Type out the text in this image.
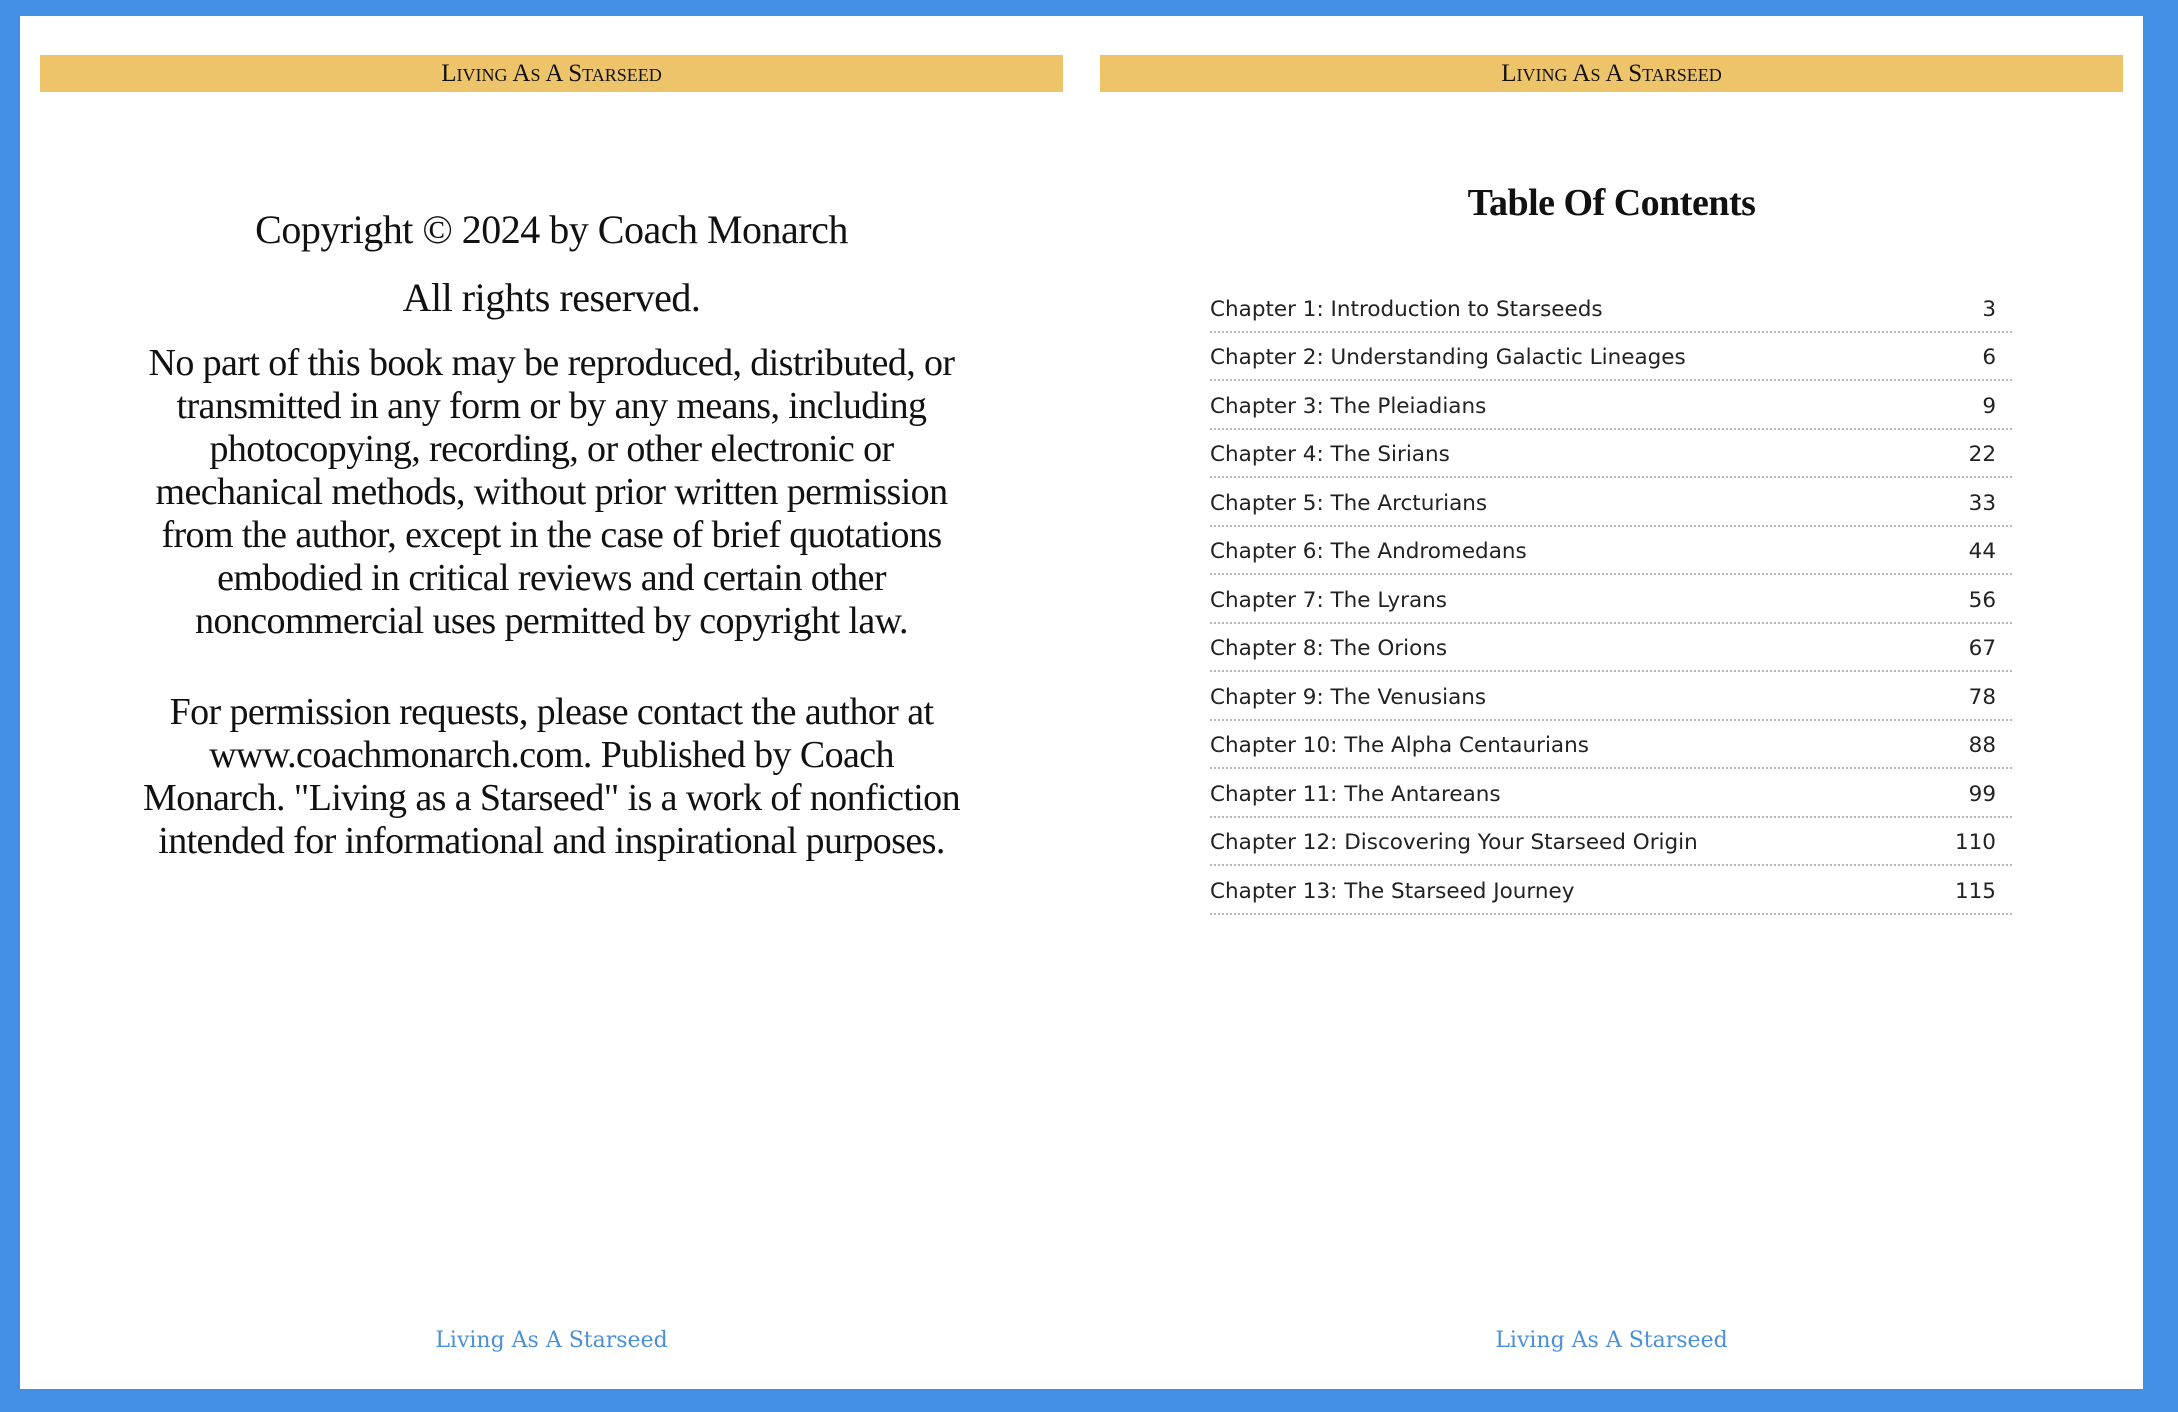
Living As A Starseed

Copyright © 2024 by Coach Monarch

All rights reserved.

No part of this book may be reproduced, distributed, or transmitted in any form or by any means, including photocopying, recording, or other electronic or mechanical methods, without prior written permission from the author, except in the case of brief quotations embodied in critical reviews and certain other noncommercial uses permitted by copyright law.

For permission requests, please contact the author at www.coachmonarch.com. Published by Coach Monarch. "Living as a Starseed" is a work of nonfiction intended for informational and inspirational purposes.

Living As A Starseed
Living As A Starseed
Table Of Contents
Chapter 1: Introduction to Starseeds	3
Chapter 2: Understanding Galactic Lineages	6
Chapter 3: The Pleiadians	9
Chapter 4: The Sirians	22
Chapter 5: The Arcturians	33
Chapter 6: The Andromedans	44
Chapter 7: The Lyrans	56
Chapter 8: The Orions	67
Chapter 9: The Venusians	78
Chapter 10: The Alpha Centaurians	88
Chapter 11: The Antareans	99
Chapter 12: Discovering Your Starseed Origin	110
Chapter 13: The Starseed Journey	115
Living As A Starseed
